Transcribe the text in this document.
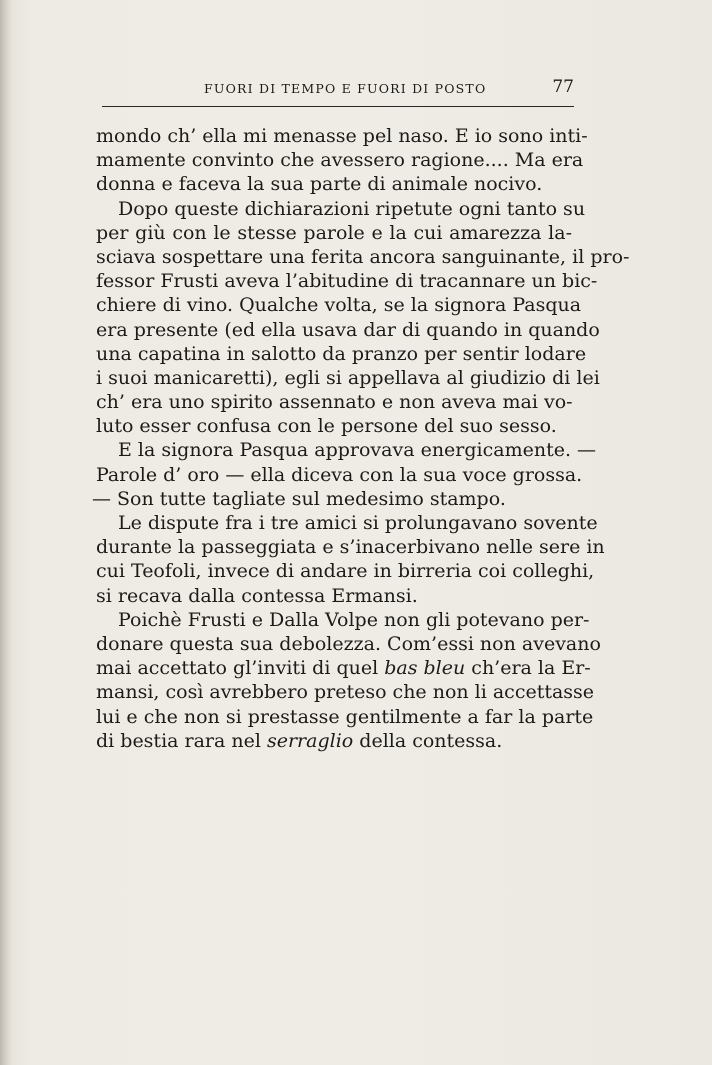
FUORI DI TEMPO E FUORI DI POSTO	77
mondo ch’ ella mi menasse pel naso. E io sono inti-
mamente convinto che avessero ragione.... Ma era
donna e faceva la sua parte di animale nocivo.
Dopo queste dichiarazioni ripetute ogni tanto su
per giù con le stesse parole e la cui amarezza la-
sciava sospettare una ferita ancora sanguinante, il pro-
fessor Frusti aveva l’abitudine di tracannare un bic-
chiere di vino. Qualche volta, se la signora Pasqua
era presente (ed ella usava dar di quando in quando
una capatina in salotto da pranzo per sentir lodare
i suoi manicaretti), egli si appellava al giudizio di lei
ch’ era uno spirito assennato e non aveva mai vo-
luto esser confusa con le persone del suo sesso.
E la signora Pasqua approvava energicamente. —
Parole d’ oro — ella diceva con la sua voce grossa.
— Son tutte tagliate sul medesimo stampo.
Le dispute fra i tre amici si prolungavano sovente
durante la passeggiata e s’inacerbivano nelle sere in
cui Teofoli, invece di andare in birreria coi colleghi,
si recava dalla contessa Ermansi.
Poichè Frusti e Dalla Volpe non gli potevano per-
donare questa sua debolezza. Com’essi non avevano
mai accettato gl’inviti di quel bas bleu ch’era la Er-
mansi, così avrebbero preteso che non li accettasse
lui e che non si prestasse gentilmente a far la parte
di bestia rara nel serraglio della contessa.
